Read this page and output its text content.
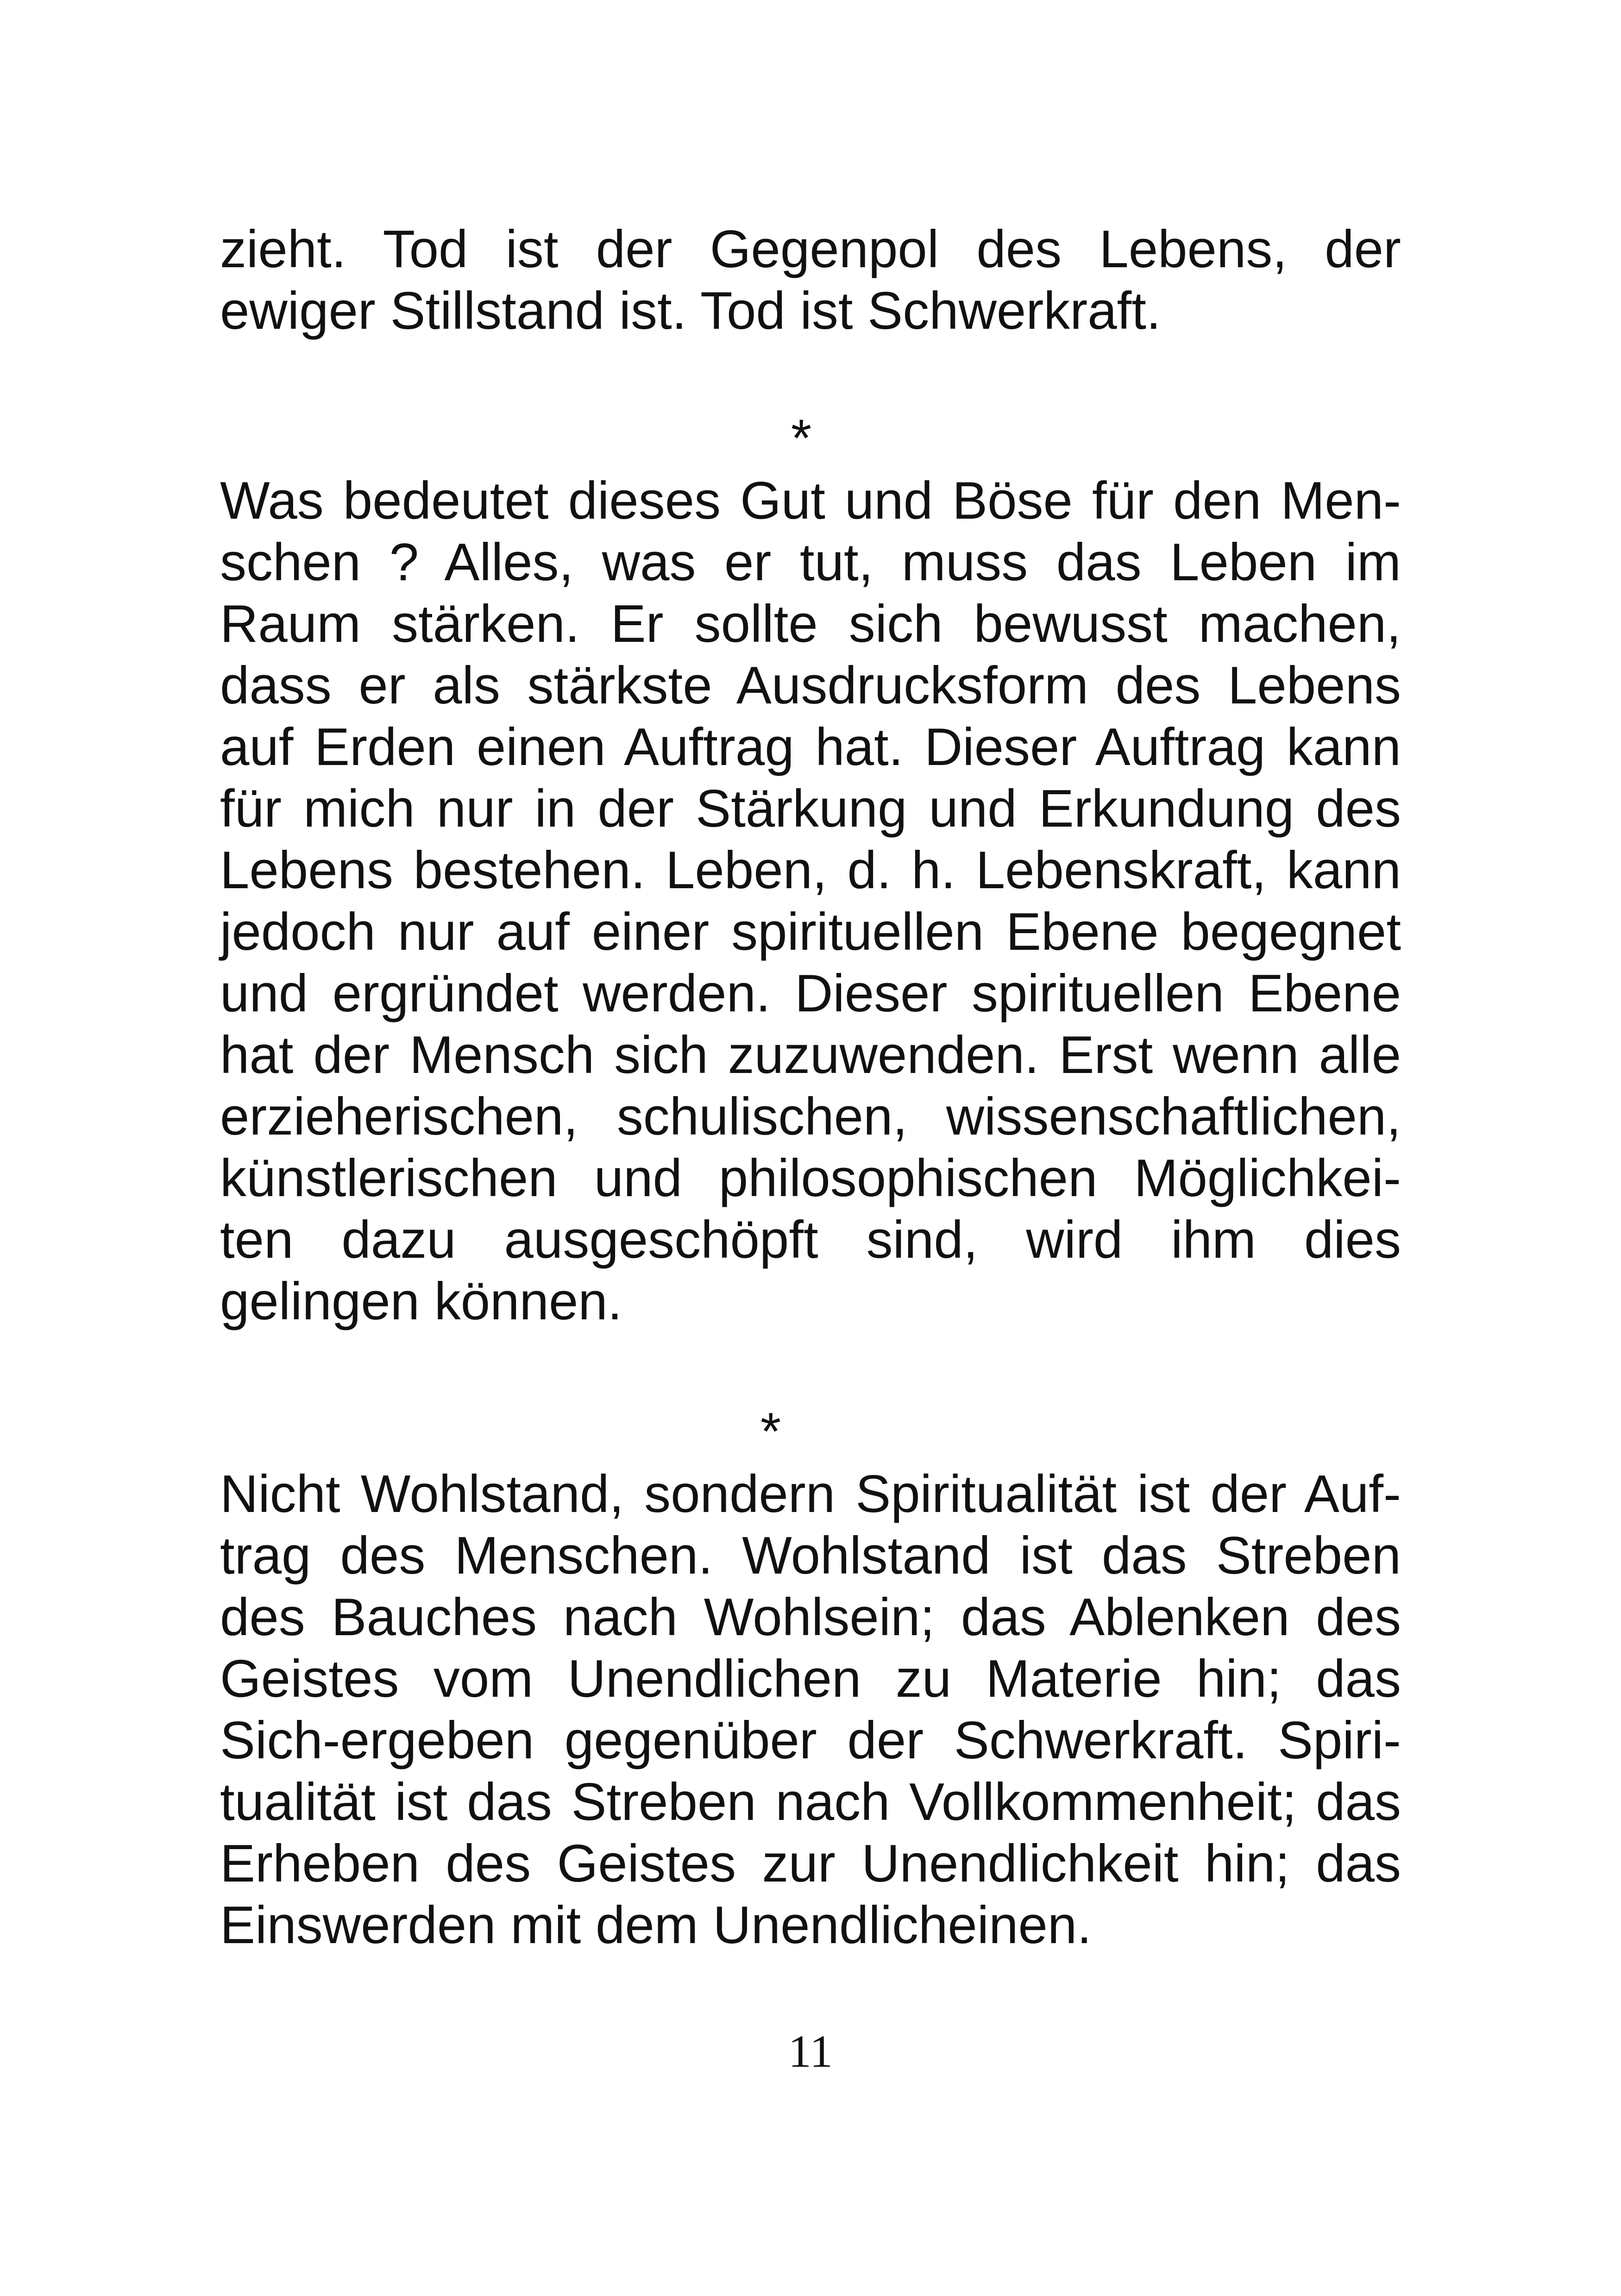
zieht. Tod ist der Gegenpol des Lebens, der
ewiger Stillstand ist. Tod ist Schwerkraft.
*
Was bedeutet dieses Gut und Böse für den Men-
schen ? Alles, was er tut, muss das Leben im
Raum stärken. Er sollte sich bewusst machen,
dass er als stärkste Ausdrucksform des Lebens
auf Erden einen Auftrag hat. Dieser Auftrag kann
für mich nur in der Stärkung und Erkundung des
Lebens bestehen. Leben, d. h. Lebenskraft, kann
jedoch nur auf einer spirituellen Ebene begegnet
und ergründet werden. Dieser spirituellen Ebene
hat der Mensch sich zuzuwenden. Erst wenn alle
erzieherischen, schulischen, wissenschaftlichen,
künstlerischen und philosophischen Möglichkei-
ten dazu ausgeschöpft sind, wird ihm dies
gelingen können.
*
Nicht Wohlstand, sondern Spiritualität ist der Auf-
trag des Menschen. Wohlstand ist das Streben
des Bauches nach Wohlsein; das Ablenken des
Geistes vom Unendlichen zu Materie hin; das
Sich-ergeben gegenüber der Schwerkraft. Spiri-
tualität ist das Streben nach Vollkommenheit; das
Erheben des Geistes zur Unendlichkeit hin; das
Einswerden mit dem Unendlicheinen.
11
